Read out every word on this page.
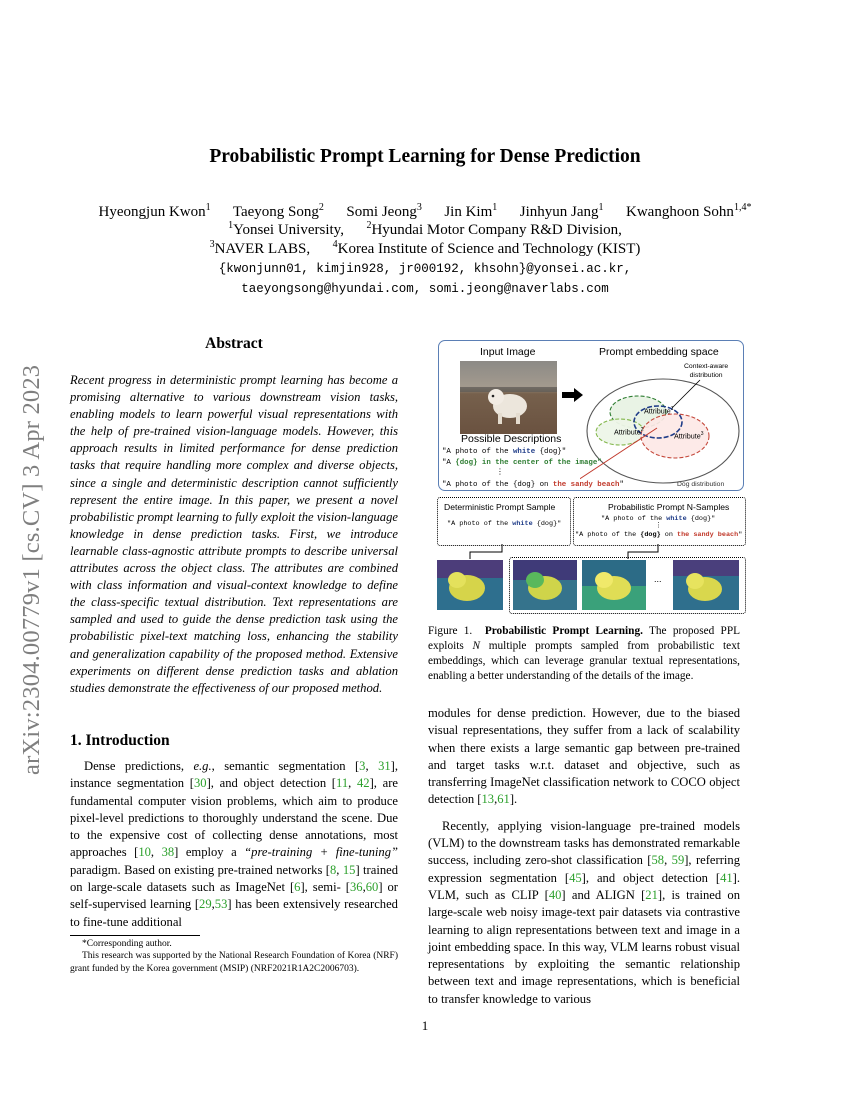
arXiv:2304.00779v1 [cs.CV] 3 Apr 2023
Probabilistic Prompt Learning for Dense Prediction
Hyeongjun Kwon$^1$ Taeyong Song$^2$ Somi Jeong$^3$ Jin Kim$^1$ Jinhyun Jang$^1$ Kwanghoon Sohn$^{1,4*}$
$^1$Yonsei University, $^2$Hyundai Motor Company R&D Division,
$^3$NAVER LABS, $^4$Korea Institute of Science and Technology (KIST)
{kwonjunn01, kimjin928, jr000192, khsohn}@yonsei.ac.kr,
taeyongsong@hyundai.com, somi.jeong@naverlabs.com
Abstract
Recent progress in deterministic prompt learning has become a promising alternative to various downstream vision tasks, enabling models to learn powerful visual representations with the help of pre-trained vision-language models. However, this approach results in limited performance for dense prediction tasks that require handling more complex and diverse objects, since a single and deterministic description cannot sufficiently represent the entire image. In this paper, we present a novel probabilistic prompt learning to fully exploit the vision-language knowledge in dense prediction tasks. First, we introduce learnable class-agnostic attribute prompts to describe universal attributes across the object class. The attributes are combined with class information and visual-context knowledge to define the class-specific textual distribution. Text representations are sampled and used to guide the dense prediction task using the probabilistic pixel-text matching loss, enhancing the stability and generalization capability of the proposed method. Extensive experiments on different dense prediction tasks and ablation studies demonstrate the effectiveness of our proposed method.
1. Introduction

Dense predictions, e.g., semantic segmentation [3, 31], instance segmentation [30], and object detection [11, 42], are fundamental computer vision problems, which aim to produce pixel-level predictions to thoroughly understand the scene. Due to the expensive cost of collecting dense annotations, most approaches [10, 38] employ a “pre-training + fine-tuning” paradigm. Based on existing pre-trained networks [8, 15] trained on large-scale datasets such as ImageNet [6], semi- [36,60] or self-supervised learning [29,53] has been extensively researched to fine-tune additional

*Corresponding author.

This research was supported by the National Research Foundation of Korea (NRF) grant funded by the Korea government (MSIP) (NRF2021R1A2C2006703).

Input Image	Prompt embedding space
Context-aware
distribution
Attribute$^1$
Attribute$^2$
Attribute$^3$
Dog distribution
Possible Descriptions
"A photo of the white {dog}"
"A {dog} in the center of the image"
⋮
"A photo of the {dog} on the sandy beach"
Deterministic Prompt Sample
"A photo of the white {dog}"
Probabilistic Prompt N-Samples
"A photo of the white {dog}"
⋮
"A photo of the {dog} on the sandy beach"
...
Figure 1. Probabilistic Prompt Learning. The proposed PPL exploits N multiple prompts sampled from probabilistic text embeddings, which can leverage granular textual representations, enabling a better understanding of the details of the image.

modules for dense prediction. However, due to the biased visual representations, they suffer from a lack of scalability when there exists a large semantic gap between pre-trained and target tasks w.r.t. dataset and objective, such as transferring ImageNet classification network to COCO object detection [13,61].

Recently, applying vision-language pre-trained models (VLM) to the downstream tasks has demonstrated remarkable success, including zero-shot classification [58, 59], referring expression segmentation [45], and object detection [41]. VLM, such as CLIP [40] and ALIGN [21], is trained on large-scale web noisy image-text pair datasets via contrastive learning to align representations between text and image in a joint embedding space. In this way, VLM learns robust visual representations by exploiting the semantic relationship between text and image representations, which is beneficial to transfer knowledge to various

1
